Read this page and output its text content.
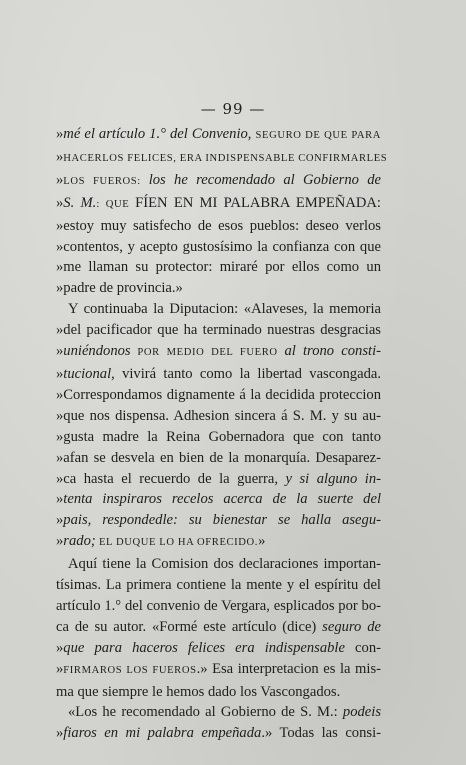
— 99 —
»mé el artículo 1.° del Convenio, SEGURO DE QUE PARA
»HACERLOS FELICES, ERA INDISPENSABLE CONFIRMARLES
»LOS FUEROS: los he recomendado al Gobierno de
»S. M.: QUE FÍEN EN MI PALABRA EMPEÑADA:
»estoy muy satisfecho de esos pueblos: deseo verlos
»contentos, y acepto gustosísimo la confianza con que
»me llaman su protector: miraré por ellos como un
»padre de provincia.»
Y continuaba la Diputacion: «Alaveses, la memoria
»del pacificador que ha terminado nuestras desgracias
»uniéndonos POR MEDIO DEL FUERO al trono consti-
»tucional, vivirá tanto como la libertad vascongada.
»Correspondamos dignamente á la decidida proteccion
»que nos dispensa. Adhesion sincera á S. M. y su au-
»gusta madre la Reina Gobernadora que con tanto
»afan se desvela en bien de la monarquía. Desaparez-
»ca hasta el recuerdo de la guerra, y si alguno in-
»tenta inspiraros recelos acerca de la suerte del
»pais, respondedle: su bienestar se halla asegu-
»rado; EL DUQUE LO HA OFRECIDO.»
Aquí tiene la Comision dos declaraciones importan-
tísimas. La primera contiene la mente y el espíritu del
artículo 1.° del convenio de Vergara, esplicados por bo-
ca de su autor. «Formé este artículo (dice) seguro de
»que para haceros felices era indispensable con-
»FIRMAROS LOS FUEROS.» Esa interpretacion es la mis-
ma que siempre le hemos dado los Vascongados.
«Los he recomendado al Gobierno de S. M.: podeis
»fiaros en mi palabra empeñada.» Todas las consi-
